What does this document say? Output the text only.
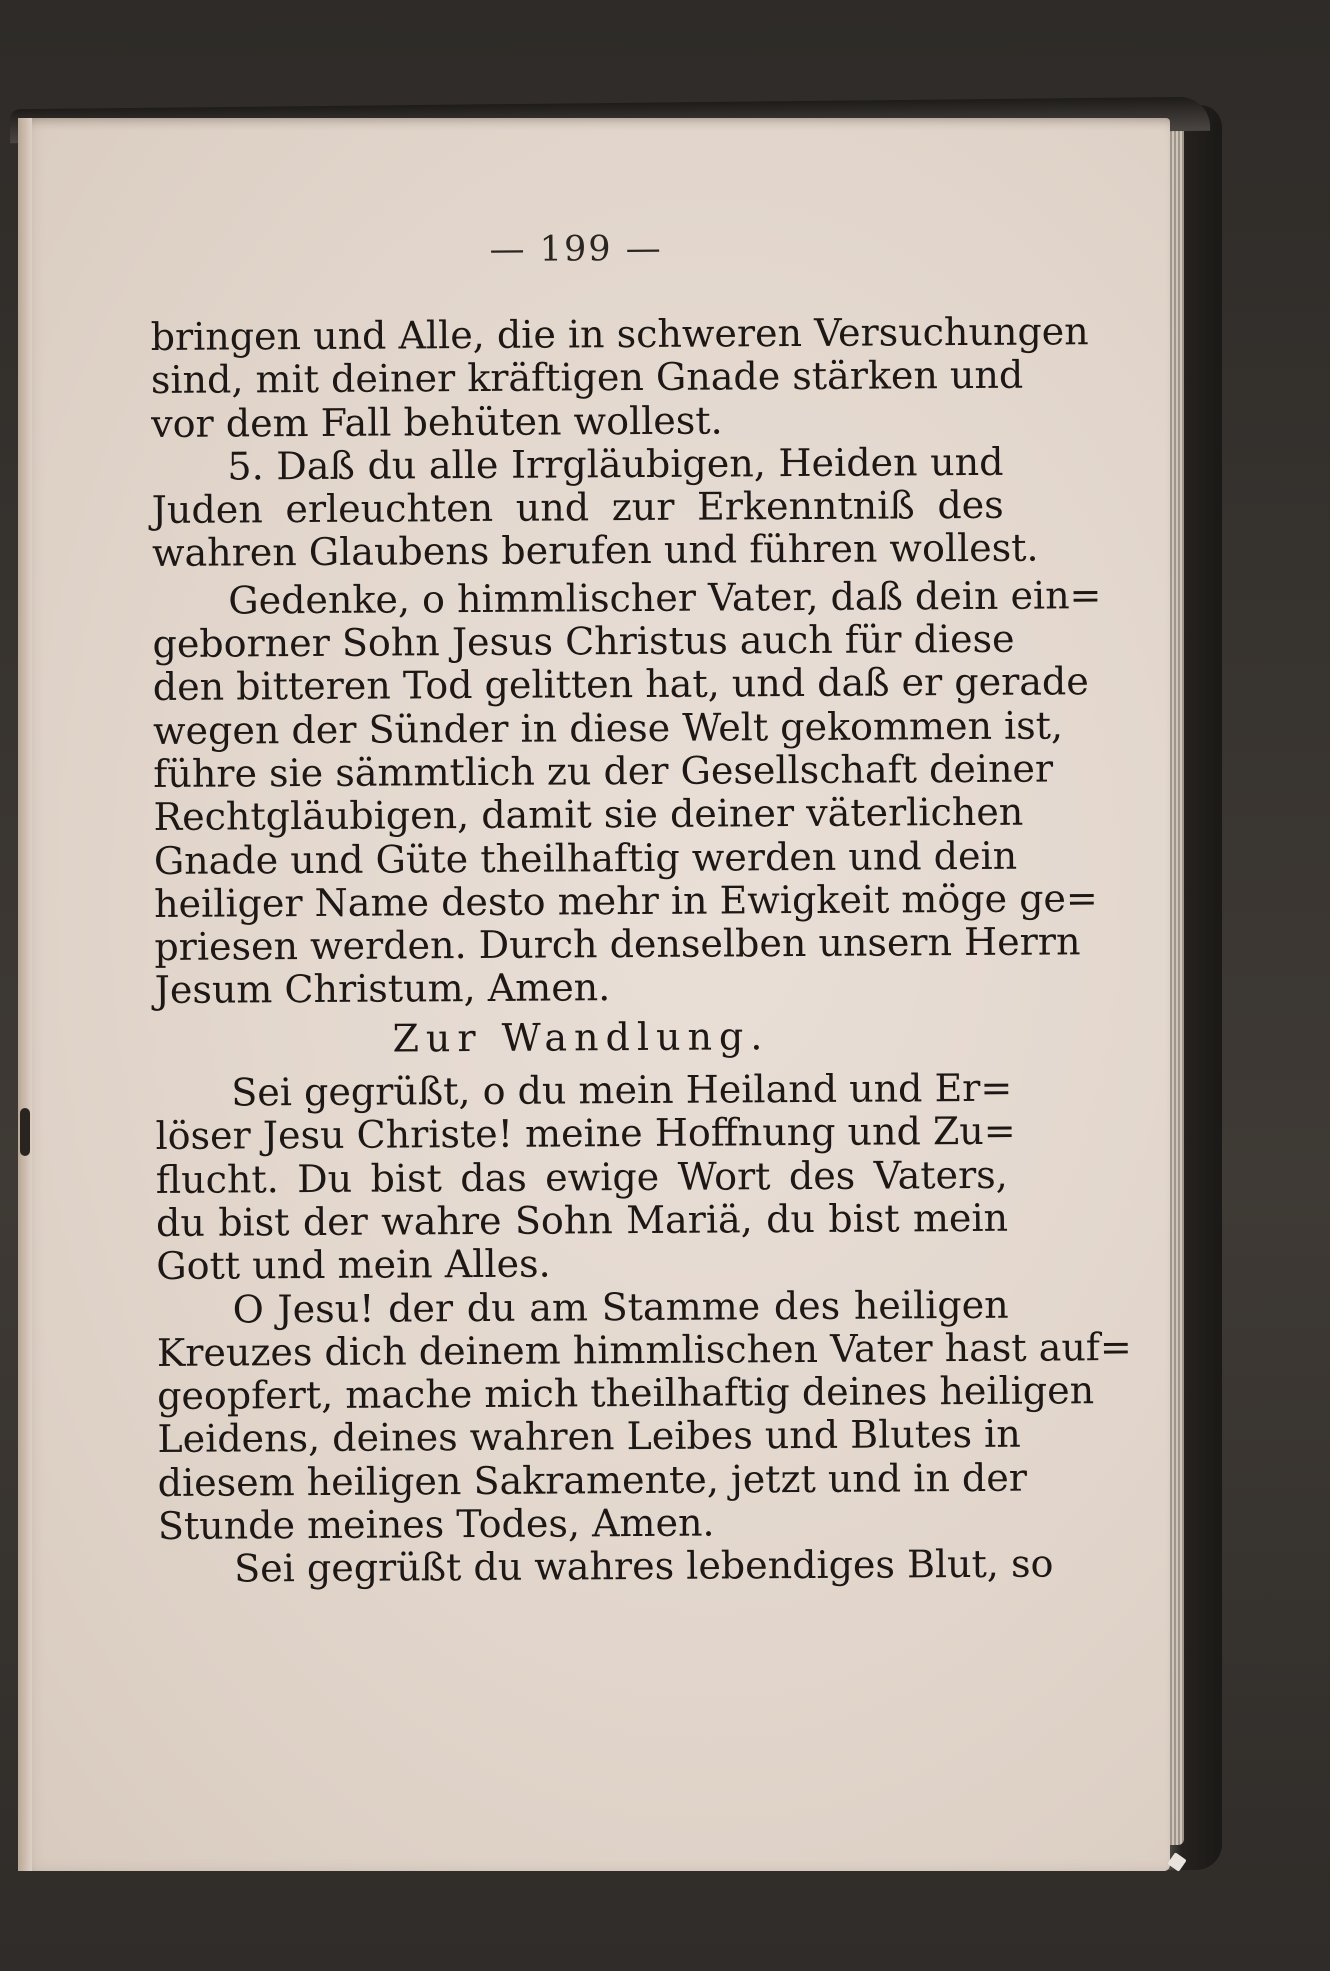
— 199 —
bringen und Alle, die in schweren Versuchungen
sind, mit deiner kräftigen Gnade stärken und
vor dem Fall behüten wollest.
5. Daß du alle Irrgläubigen, Heiden und
Juden erleuchten und zur Erkenntniß des
wahren Glaubens berufen und führen wollest.
Gedenke, o himmlischer Vater, daß dein ein=
geborner Sohn Jesus Christus auch für diese
den bitteren Tod gelitten hat, und daß er gerade
wegen der Sünder in diese Welt gekommen ist,
führe sie sämmtlich zu der Gesellschaft deiner
Rechtgläubigen, damit sie deiner väterlichen
Gnade und Güte theilhaftig werden und dein
heiliger Name desto mehr in Ewigkeit möge ge=
priesen werden. Durch denselben unsern Herrn
Jesum Christum, Amen.
Zur Wandlung.
Sei gegrüßt, o du mein Heiland und Er=
löser Jesu Christe! meine Hoffnung und Zu=
flucht. Du bist das ewige Wort des Vaters,
du bist der wahre Sohn Mariä, du bist mein
Gott und mein Alles.
O Jesu! der du am Stamme des heiligen
Kreuzes dich deinem himmlischen Vater hast auf=
geopfert, mache mich theilhaftig deines heiligen
Leidens, deines wahren Leibes und Blutes in
diesem heiligen Sakramente, jetzt und in der
Stunde meines Todes, Amen.
Sei gegrüßt du wahres lebendiges Blut, so
